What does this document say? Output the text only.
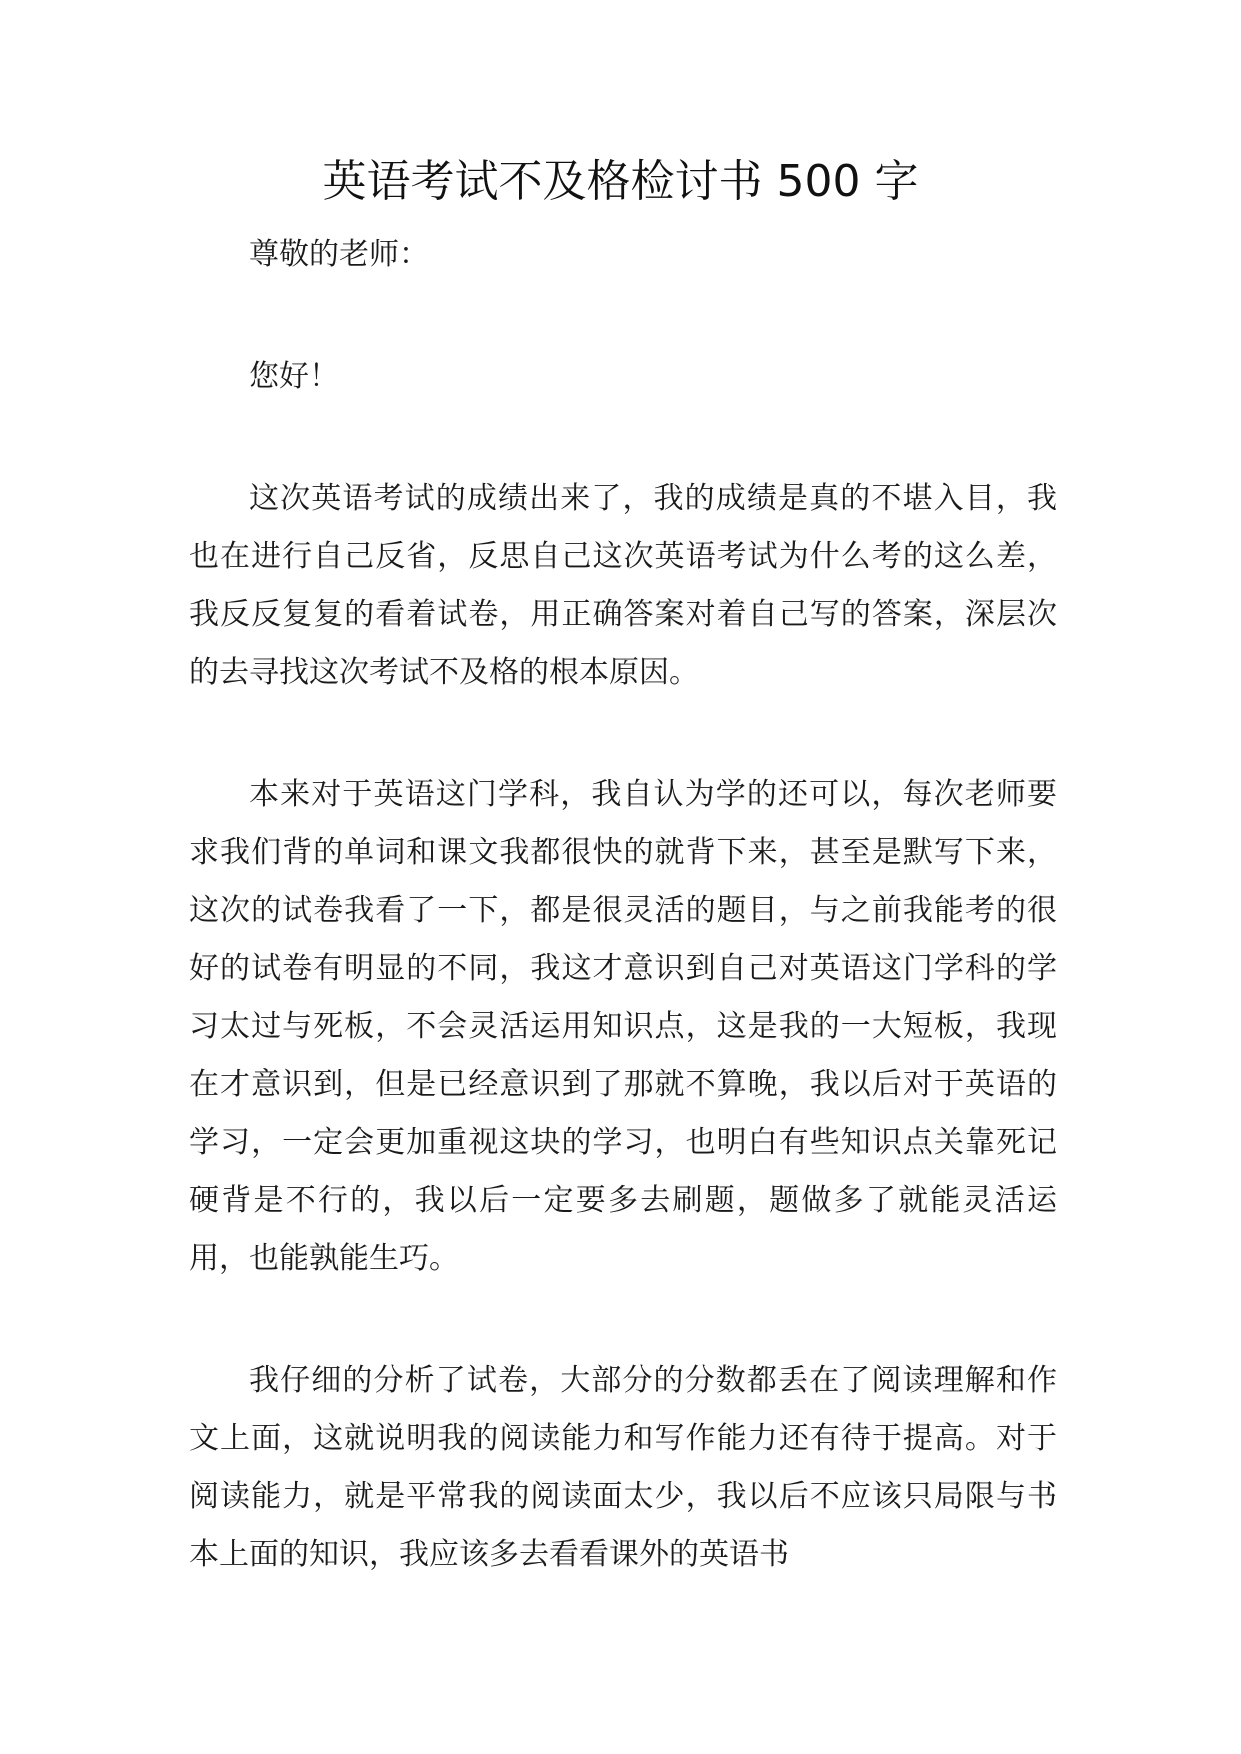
英语考试不及格检讨书 500 字

尊敬的老师：

您好！

这次英语考试的成绩出来了，我的成绩是真的不堪入目，我也在进行自己反省，反思自己这次英语考试为什么考的这么差，我反反复复的看着试卷，用正确答案对着自己写的答案，深层次的去寻找这次考试不及格的根本原因。

本来对于英语这门学科，我自认为学的还可以，每次老师要求我们背的单词和课文我都很快的就背下来，甚至是默写下来，这次的试卷我看了一下，都是很灵活的题目，与之前我能考的很好的试卷有明显的不同，我这才意识到自己对英语这门学科的学习太过与死板，不会灵活运用知识点，这是我的一大短板，我现在才意识到，但是已经意识到了那就不算晚，我以后对于英语的学习，一定会更加重视这块的学习，也明白有些知识点关靠死记硬背是不行的，我以后一定要多去刷题，题做多了就能灵活运用，也能孰能生巧。

我仔细的分析了试卷，大部分的分数都丢在了阅读理解和作文上面，这就说明我的阅读能力和写作能力还有待于提高。对于阅读能力，就是平常我的阅读面太少，我以后不应该只局限与书本上面的知识，我应该多去看看课外的英语书
